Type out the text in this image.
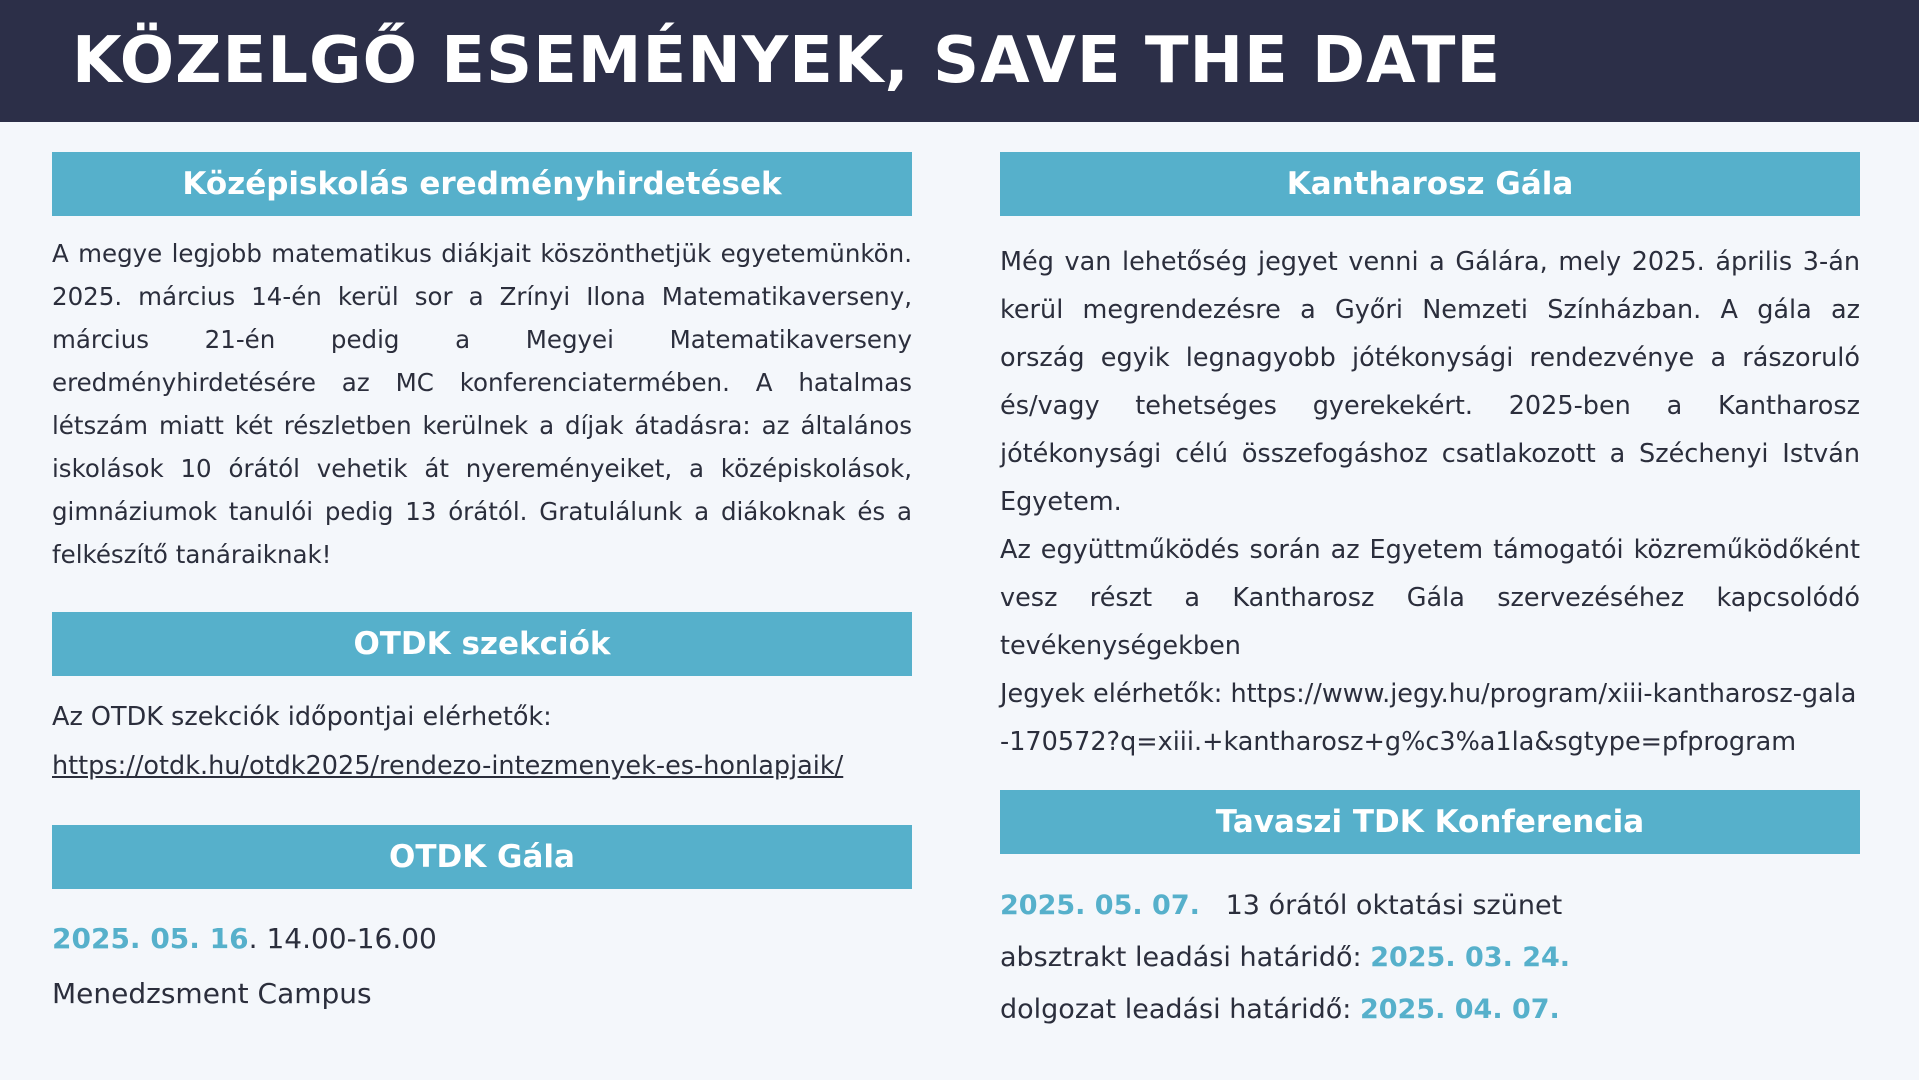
KÖZELGŐ ESEMÉNYEK, SAVE THE DATE
Középiskolás eredményhirdetések

A megye legjobb matematikus diákjait köszönthetjük egyetemünkön. 2025. március 14-én kerül sor a Zrínyi Ilona Matematikaverseny, március 21-én pedig a Megyei Matematikaverseny eredményhirdetésére az MC konferenciatermében. A hatalmas létszám miatt két részletben kerülnek a díjak átadásra: az általános iskolások 10 órától vehetik át nyereményeiket, a középiskolások, gimnáziumok tanulói pedig 13 órától. Gratulálunk a diákoknak és a felkészítő tanáraiknak!

OTDK szekciók
Az OTDK szekciók időpontjai elérhetők:
https://otdk.hu/otdk2025/rendezo-intezmenyek-es-honlapjaik/
OTDK Gála
2025. 05. 16. 14.00-16.00
Menedzsment Campus
Kantharosz Gála

Még van lehetőség jegyet venni a Gálára, mely 2025. április 3-án kerül megrendezésre a Győri Nemzeti Színházban. A gála az ország egyik legnagyobb jótékonysági rendezvénye a rászoruló és/vagy tehetséges gyerekekért. 2025-ben a Kantharosz jótékonysági célú összefogáshoz csatlakozott a Széchenyi István Egyetem.

Az együttműködés során az Egyetem támogatói közreműködőként vesz részt a Kantharosz Gála szervezéséhez kapcsolódó tevékenységekben

Jegyek elérhetők: https://www.jegy.hu/program/xiii-kantharosz-gala-170572?q=xiii.+kantharosz+g%c3%a1la&sgtype=pfprogram

Tavaszi TDK Konferencia
2025. 05. 07. 13 órától oktatási szünet
absztrakt leadási határidő: 2025. 03. 24.
dolgozat leadási határidő: 2025. 04. 07.
